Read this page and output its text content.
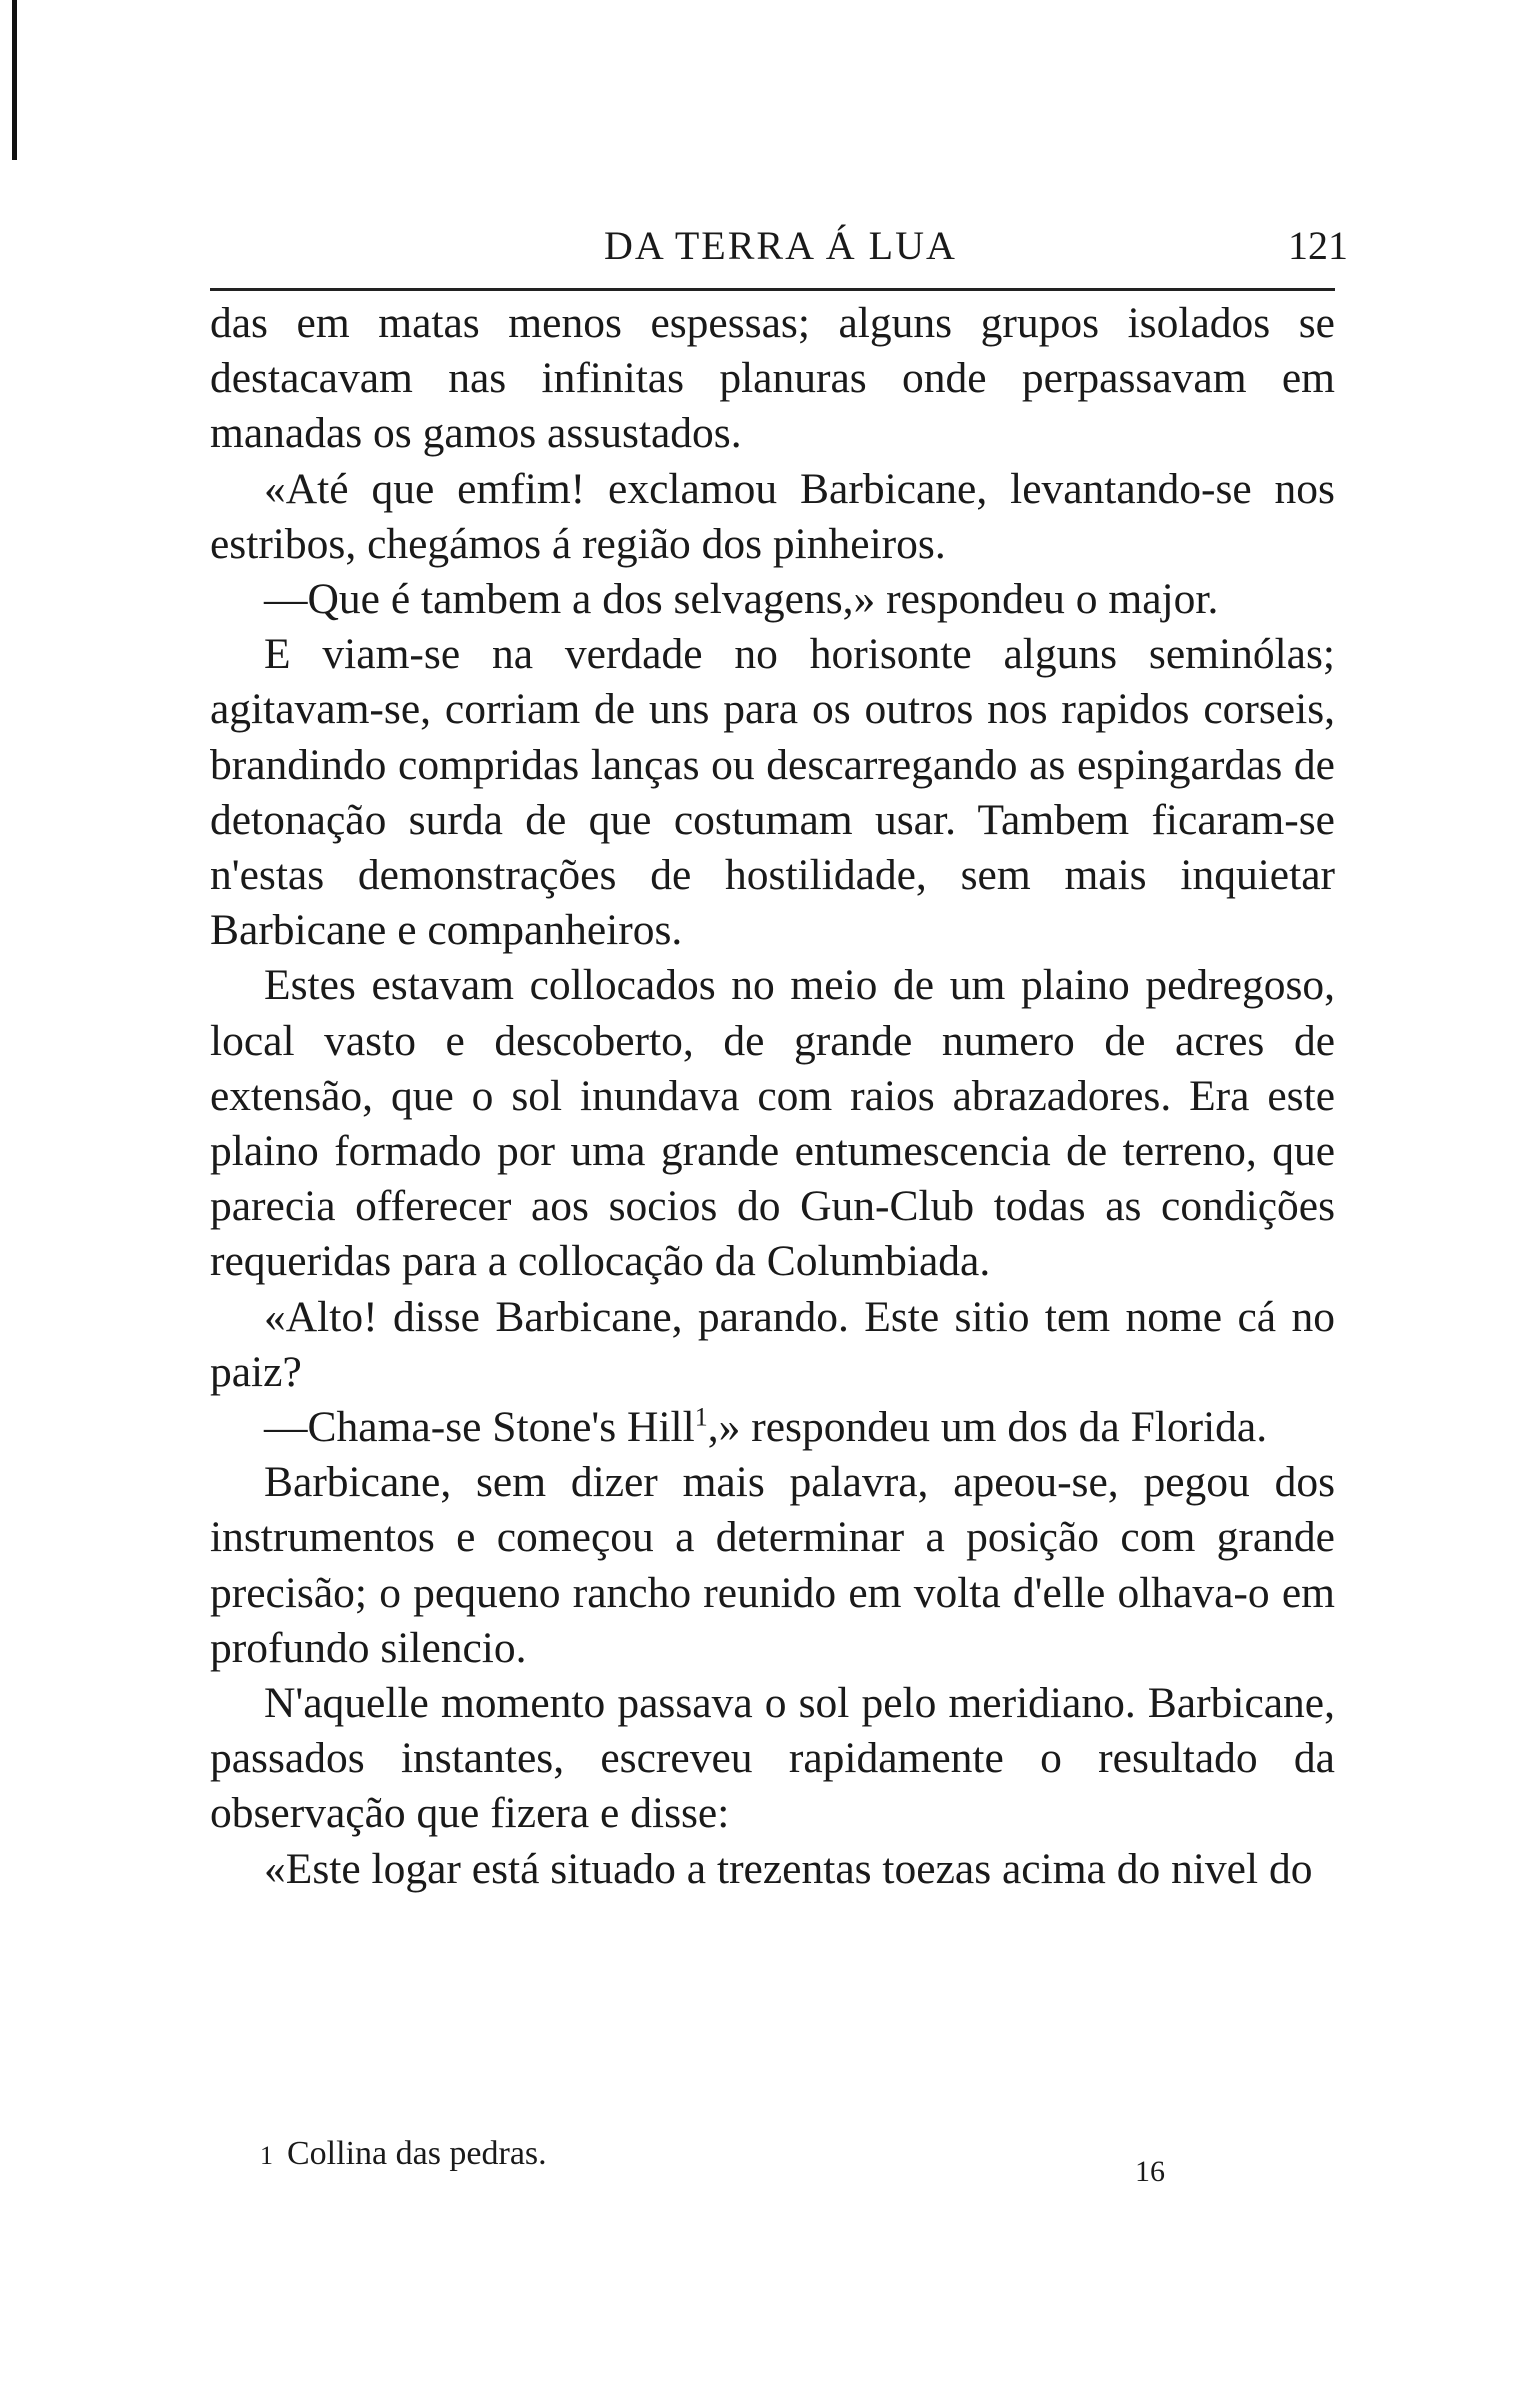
DA TERRA Á LUA	121

das em matas menos espessas; alguns grupos isolados se destacavam nas infinitas planuras onde perpassavam em manadas os gamos assustados.

«Até que emfim! exclamou Barbicane, levantando-se nos estribos, chegámos á região dos pinheiros.

—Que é tambem a dos selvagens,» respondeu o major.

E viam-se na verdade no horisonte alguns seminólas; agitavam-se, corriam de uns para os outros nos rapidos corseis, brandindo compridas lanças ou descarregando as espingardas de detonação surda de que costumam usar. Tambem ficaram-se n'estas demonstrações de hostilidade, sem mais inquietar Barbicane e companheiros.

Estes estavam collocados no meio de um plaino pedregoso, local vasto e descoberto, de grande numero de acres de extensão, que o sol inundava com raios abrazadores. Era este plaino formado por uma grande entumescencia de terreno, que parecia offerecer aos socios do Gun-Club todas as condições requeridas para a collocação da Columbiada.

«Alto! disse Barbicane, parando. Este sitio tem nome cá no paiz?

—Chama-se Stone's Hill$^1$,» respondeu um dos da Florida.

Barbicane, sem dizer mais palavra, apeou-se, pegou dos instrumentos e começou a determinar a posição com grande precisão; o pequeno rancho reunido em volta d'elle olhava-o em profundo silencio.

N'aquelle momento passava o sol pelo meridiano. Barbicane, passados instantes, escreveu rapidamente o resultado da observação que fizera e disse:

«Este logar está situado a trezentas toezas acima do nivel do

1 Collina das pedras.	16
